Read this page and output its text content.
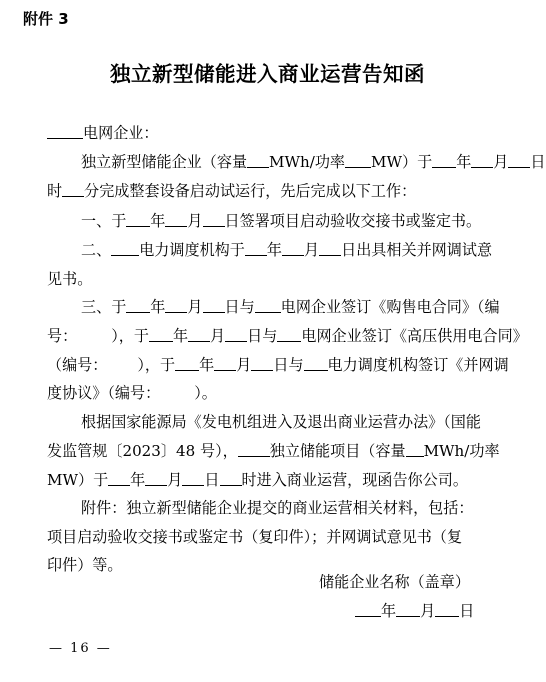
附件 3
独立新型储能进入商业运营告知函
电网企业：
独立新型储能企业（容量 MWh/功率 MW）于 年 月 日
时 分完成整套设备启动试运行，先后完成以下工作：
一、于 年 月 日签署项目启动验收交接书或鉴定书。
二、 电力调度机构于 年 月 日出具相关并网调试意
见书。
三、于 年 月 日与 电网企业签订《购售电合同》（编
号： ），于 年 月 日与 电网企业签订《高压供用电合同》
（编号： ），于 年 月 日与 电力调度机构签订《并网调
度协议》（编号： ）。
根据国家能源局《发电机组进入及退出商业运营办法》（国能
发监管规〔2023〕48 号）， 独立储能项目（容量 MWh/功率
MW）于 年 月 日 时进入商业运营，现函告你公司。
附件：独立新型储能企业提交的商业运营相关材料，包括：
项目启动验收交接书或鉴定书（复印件）；并网调试意见书（复
印件）等。
储能企业名称（盖章）
年 月 日
— 16 —
